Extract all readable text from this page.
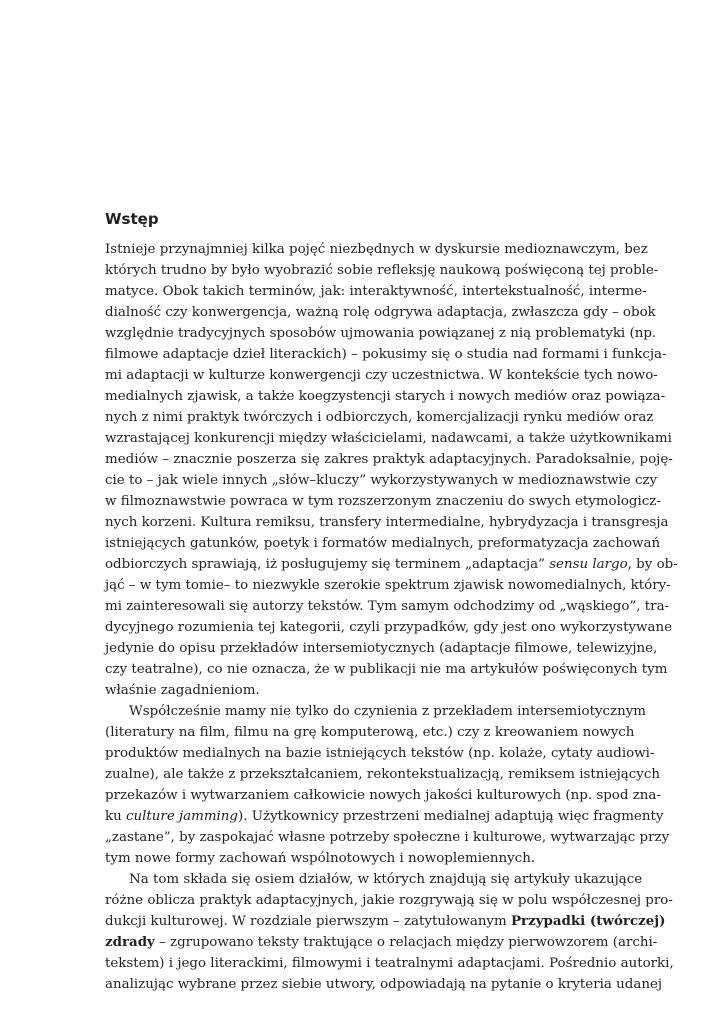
Wstęp
Istnieje przynajmniej kilka pojęć niezbędnych w dyskursie medioznawczym, bez
których trudno by było wyobrazić sobie refleksję naukową poświęconą tej proble-
matyce. Obok takich terminów, jak: interaktywność, intertekstualność, interme-
dialność czy konwergencja, ważną rolę odgrywa adaptacja, zwłaszcza gdy – obok
względnie tradycyjnych sposobów ujmowania powiązanej z nią problematyki (np.
filmowe adaptacje dzieł literackich) – pokusimy się o studia nad formami i funkcja-
mi adaptacji w kulturze konwergencji czy uczestnictwa. W kontekście tych nowo-
medialnych zjawisk, a także koegzystencji starych i nowych mediów oraz powiąza-
nych z nimi praktyk twórczych i odbiorczych, komercjalizacji rynku mediów oraz
wzrastającej konkurencji między właścicielami, nadawcami, a także użytkownikami
mediów – znacznie poszerza się zakres praktyk adaptacyjnych. Paradoksalnie, poję-
cie to – jak wiele innych „słów–kluczy” wykorzystywanych w medioznawstwie czy
w filmoznawstwie powraca w tym rozszerzonym znaczeniu do swych etymologicz-
nych korzeni. Kultura remiksu, transfery intermedialne, hybrydyzacja i transgresja
istniejących gatunków, poetyk i formatów medialnych, preformatyzacja zachowań
odbiorczych sprawiają, iż posługujemy się terminem „adaptacja” sensu largo, by ob-
jąć – w tym tomie– to niezwykle szerokie spektrum zjawisk nowomedialnych, który-
mi zainteresowali się autorzy tekstów. Tym samym odchodzimy od „wąskiego”, tra-
dycyjnego rozumienia tej kategorii, czyli przypadków, gdy jest ono wykorzystywane
jedynie do opisu przekładów intersemiotycznych (adaptacje filmowe, telewizyjne,
czy teatralne), co nie oznacza, że w publikacji nie ma artykułów poświęconych tym
właśnie zagadnieniom.
Współcześnie mamy nie tylko do czynienia z przekładem intersemiotycznym
(literatury na film, filmu na grę komputerową, etc.) czy z kreowaniem nowych
produktów medialnych na bazie istniejących tekstów (np. kolaże, cytaty audiowi-
zualne), ale także z przekształcaniem, rekontekstualizacją, remiksem istniejących
przekazów i wytwarzaniem całkowicie nowych jakości kulturowych (np. spod zna-
ku culture jamming). Użytkownicy przestrzeni medialnej adaptują więc fragmenty
„zastane”, by zaspokajać własne potrzeby społeczne i kulturowe, wytwarzając przy
tym nowe formy zachowań wspólnotowych i nowoplemiennych.
Na tom składa się osiem działów, w których znajdują się artykuły ukazujące
różne oblicza praktyk adaptacyjnych, jakie rozgrywają się w polu współczesnej pro-
dukcji kulturowej. W rozdziale pierwszym – zatytułowanym Przypadki (twórczej)
zdrady – zgrupowano teksty traktujące o relacjach między pierwowzorem (archi-
tekstem) i jego literackimi, filmowymi i teatralnymi adaptacjami. Pośrednio autorki,
analizując wybrane przez siebie utwory, odpowiadają na pytanie o kryteria udanej
